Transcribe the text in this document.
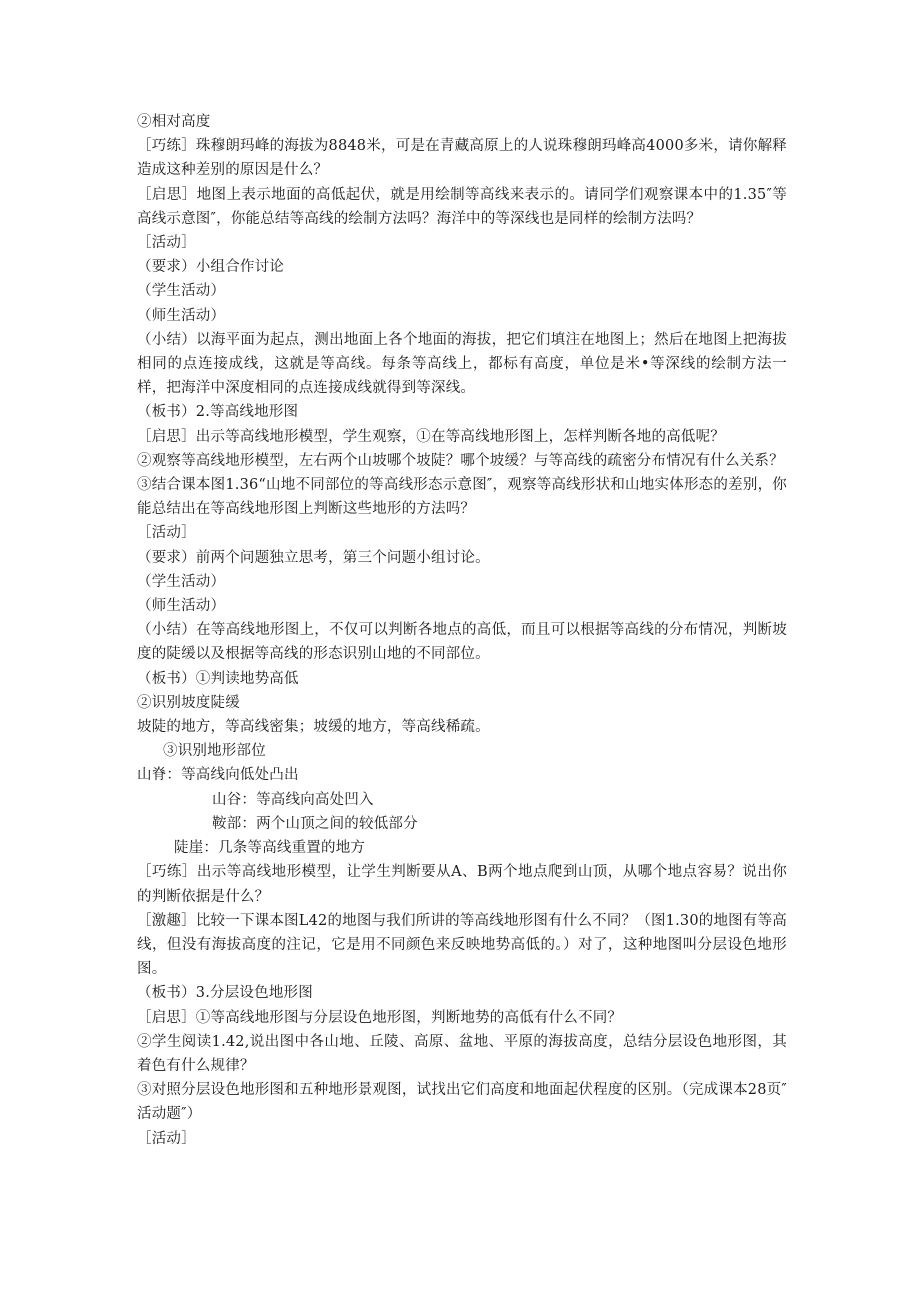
②相对高度

［巧练］珠穆朗玛峰的海拔为8848米，可是在青藏高原上的人说珠穆朗玛峰高4000多米，请你解释造成这种差别的原因是什么？

［启思］地图上表示地面的高低起伏，就是用绘制等高线来表示的。请同学们观察课本中的1.35″等高线示意图″，你能总结等高线的绘制方法吗？海洋中的等深线也是同样的绘制方法吗？

［活动］

（要求）小组合作讨论

（学生活动）

（师生活动）

（小结）以海平面为起点，测出地面上各个地面的海拔，把它们填注在地图上；然后在地图上把海拔相同的点连接成线，这就是等高线。每条等高线上，都标有高度，单位是米•等深线的绘制方法一样，把海洋中深度相同的点连接成线就得到等深线。

（板书）2.等高线地形图

［启思］出示等高线地形模型，学生观察，①在等高线地形图上，怎样判断各地的高低呢？

②观察等高线地形模型，左右两个山坡哪个坡陡？哪个坡缓？与等高线的疏密分布情况有什么关系？

③结合课本图1.36“山地不同部位的等高线形态示意图″，观察等高线形状和山地实体形态的差别，你能总结出在等高线地形图上判断这些地形的方法吗？

［活动］

（要求）前两个问题独立思考，第三个问题小组讨论。

（学生活动）

（师生活动）

（小结）在等高线地形图上，不仅可以判断各地点的高低，而且可以根据等高线的分布情况，判断坡度的陡缓以及根据等高线的形态识别山地的不同部位。

（板书）①判读地势高低

②识别坡度陡缓

坡陡的地方，等高线密集；坡缓的地方，等高线稀疏。

③识别地形部位

山脊：等高线向低处凸出

山谷：等高线向高处凹入

鞍部：两个山顶之间的较低部分

陡崖：几条等高线重置的地方

［巧练］出示等高线地形模型，让学生判断要从A、B两个地点爬到山顶，从哪个地点容易？说出你的判断依据是什么？

［激趣］比较一下课本图L42的地图与我们所讲的等高线地形图有什么不同？（图1.30的地图有等高线，但没有海拔高度的注记，它是用不同颜色来反映地势高低的。）对了，这种地图叫分层设色地形图。

（板书）3.分层设色地形图

［启思］①等高线地形图与分层设色地形图，判断地势的高低有什么不同？

②学生阅读1.42,说出图中各山地、丘陵、高原、盆地、平原的海拔高度，总结分层设色地形图，其着色有什么规律？

③对照分层设色地形图和五种地形景观图，试找出它们高度和地面起伏程度的区别。（完成课本28页″活动题″）

［活动］
